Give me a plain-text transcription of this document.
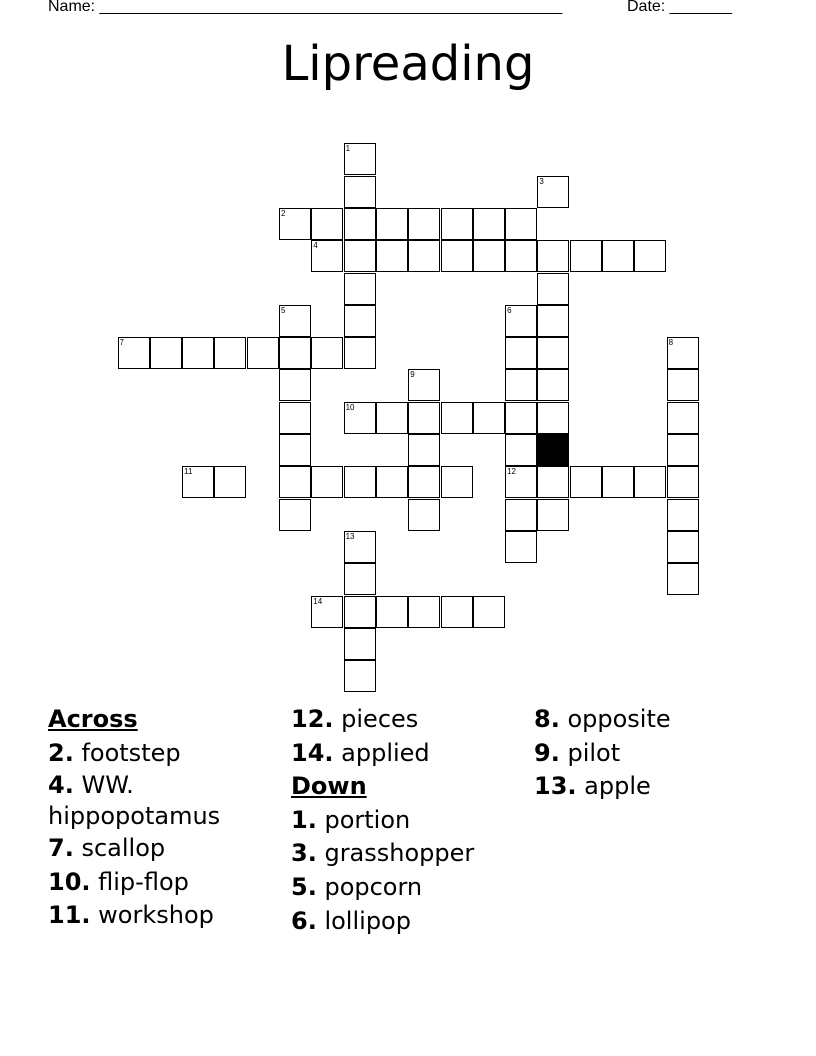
Name: ____________________________________________________	Date: _______
Lipreading
1
2
3
4
5	6
12
7	8
9
10
11
13
14
Across
2. footstep
4. WW. hippopotamus
7. scallop
10. flip-flop
11. workshop
12. pieces
14. applied
Down
1. portion
3. grasshopper
5. popcorn
6. lollipop
8. opposite
9. pilot
13. apple
